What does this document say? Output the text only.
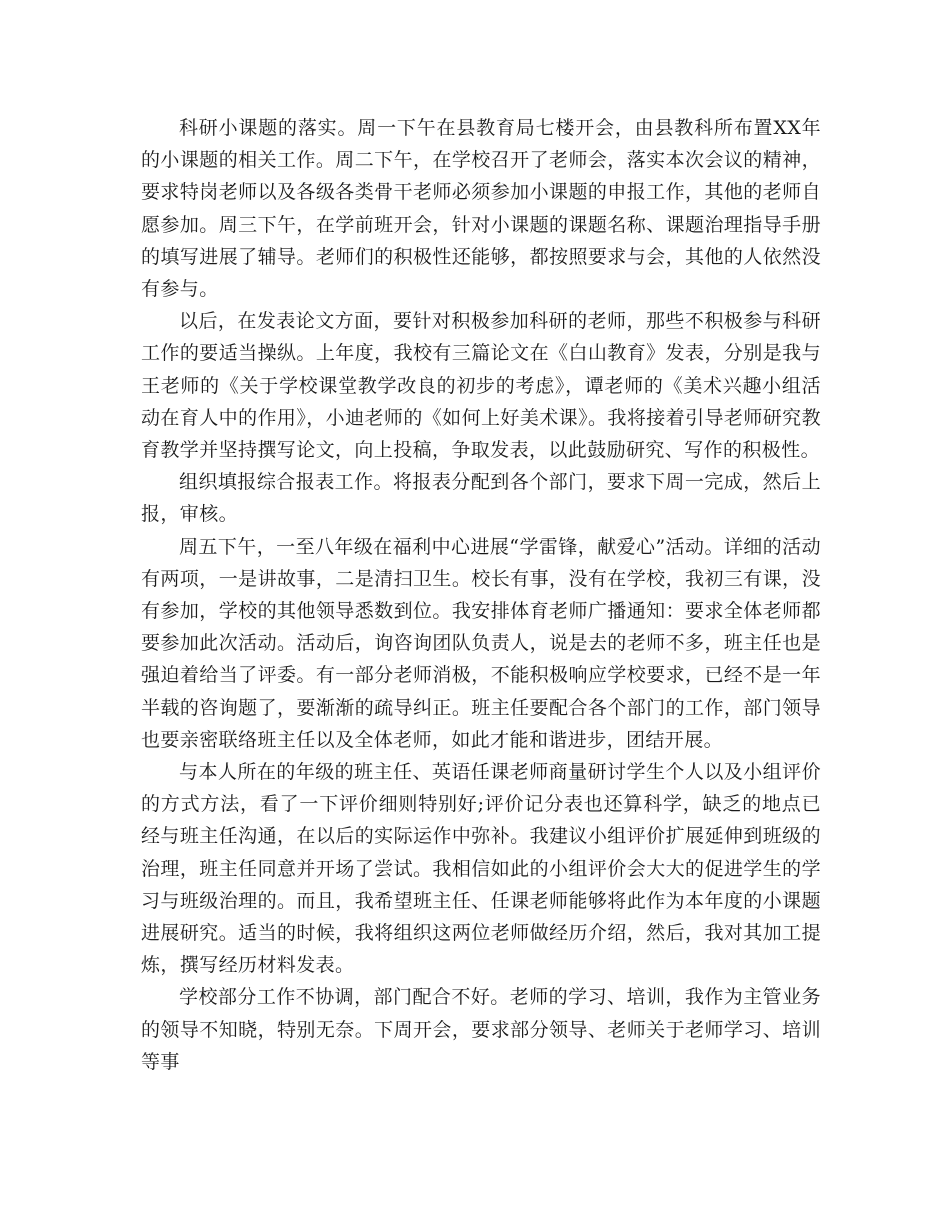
科研小课题的落实。周一下午在县教育局七楼开会，由县教科所布置XX年的小课题的相关工作。周二下午，在学校召开了老师会，落实本次会议的精神，要求特岗老师以及各级各类骨干老师必须参加小课题的申报工作，其他的老师自愿参加。周三下午，在学前班开会，针对小课题的课题名称、课题治理指导手册的填写进展了辅导。老师们的积极性还能够，都按照要求与会，其他的人依然没有参与。

以后，在发表论文方面，要针对积极参加科研的老师，那些不积极参与科研工作的要适当操纵。上年度，我校有三篇论文在《白山教育》发表，分别是我与王老师的《关于学校课堂教学改良的初步的考虑》，谭老师的《美术兴趣小组活动在育人中的作用》，小迪老师的《如何上好美术课》。我将接着引导老师研究教育教学并坚持撰写论文，向上投稿，争取发表，以此鼓励研究、写作的积极性。

组织填报综合报表工作。将报表分配到各个部门，要求下周一完成，然后上报，审核。

周五下午，一至八年级在福利中心进展“学雷锋，献爱心”活动。详细的活动有两项，一是讲故事，二是清扫卫生。校长有事，没有在学校，我初三有课，没有参加，学校的其他领导悉数到位。我安排体育老师广播通知：要求全体老师都要参加此次活动。活动后，询咨询团队负责人，说是去的老师不多，班主任也是强迫着给当了评委。有一部分老师消极，不能积极响应学校要求，已经不是一年半载的咨询题了，要渐渐的疏导纠正。班主任要配合各个部门的工作，部门领导也要亲密联络班主任以及全体老师，如此才能和谐进步，团结开展。

与本人所在的年级的班主任、英语任课老师商量研讨学生个人以及小组评价的方式方法，看了一下评价细则特别好;评价记分表也还算科学，缺乏的地点已经与班主任沟通，在以后的实际运作中弥补。我建议小组评价扩展延伸到班级的治理，班主任同意并开场了尝试。我相信如此的小组评价会大大的促进学生的学习与班级治理的。而且，我希望班主任、任课老师能够将此作为本年度的小课题进展研究。适当的时候，我将组织这两位老师做经历介绍，然后，我对其加工提炼，撰写经历材料发表。

学校部分工作不协调，部门配合不好。老师的学习、培训，我作为主管业务的领导不知晓，特别无奈。下周开会，要求部分领导、老师关于老师学习、培训等事
